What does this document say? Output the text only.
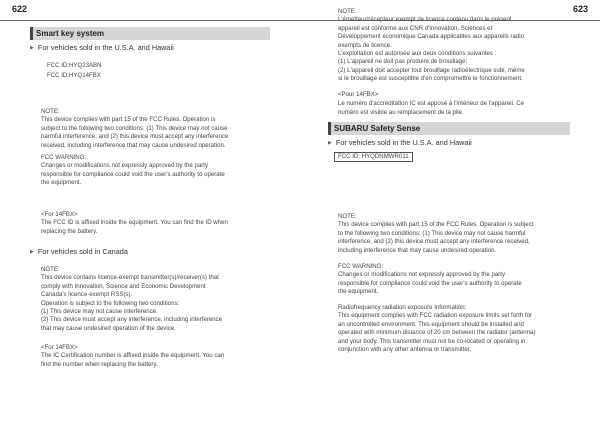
622	623
Smart key system
▶ For vehicles sold in the U.S.A. and Hawaii
FCC ID:HYQ23ABN
FCC ID:HYQ14FBX
NOTE:
This device complies with part 15 of the FCC Rules. Operation is
subject to the following two conditions: (1) This device may not cause
harmful interference, and (2) this device must accept any interference
received, including interference that may cause undesired operation.
FCC WARNING:
Changes or modifications not expressly approved by the party
responsible for compliance could void the user's authority to operate
the equipment.
<For 14FBX>
The FCC ID is affixed inside the equipment. You can find the ID when
replacing the battery.
▶ For vehicles sold in Canada
NOTE:
This device contains licence-exempt transmitter(s)/receiver(s) that
comply with Innovation, Science and Economic Development
Canada's licence-exempt RSS(s).
Operation is subject to the following two conditions:
(1) This device may not cause interference.
(2) This device must accept any interference, including interference
that may cause undesired operation of the device.
<For 14FBX>
The IC Certification number is affixed inside the equipment. You can
find the number when replacing the battery.
NOTE:
L'émetteur/récepteur exempt de licence contenu dans le présent
appareil est conforme aux CNR d'Innovation, Sciences et
Développement économique Canada applicables aux appareils radio
exempts de licence.
L'exploitation est autorisée aux deux conditions suivantes :
(1) L'appareil ne doit pas produire de brouillage;
(2) L'appareil doit accepter tout brouillage radioélectrique subi, même
si le brouillage est susceptible d'en compromettre le fonctionnement.
<Pour 14FBX>
Le numéro d'accréditation IC est apposé à l'intérieur de l'appareil. Ce
numéro est visible au remplacement de la pile.
SUBARU Safety Sense
▶ For vehicles sold in the U.S.A. and Hawaii
FCC ID: HYQDNMWR011
NOTE:
This device complies with part 15 of the FCC Rules. Operation is subject
to the following two conditions: (1) This device may not cause harmful
interference, and (2) this device must accept any interference received,
including interference that may cause undesired operation.
FCC WARNING:
Changes or modifications not expressly approved by the party
responsible for compliance could void the user's authority to operate
the equipment.
Radiofrequency radiation exposure Information:
This equipment complies with FCC radiation exposure limits set forth for
an uncontrolled environment. This equipment should be installed and
operated with minimum distance of 20 cm between the radiator (antenna)
and your body. This transmitter must not be co-located or operating in
conjunction with any other antenna or transmitter.
